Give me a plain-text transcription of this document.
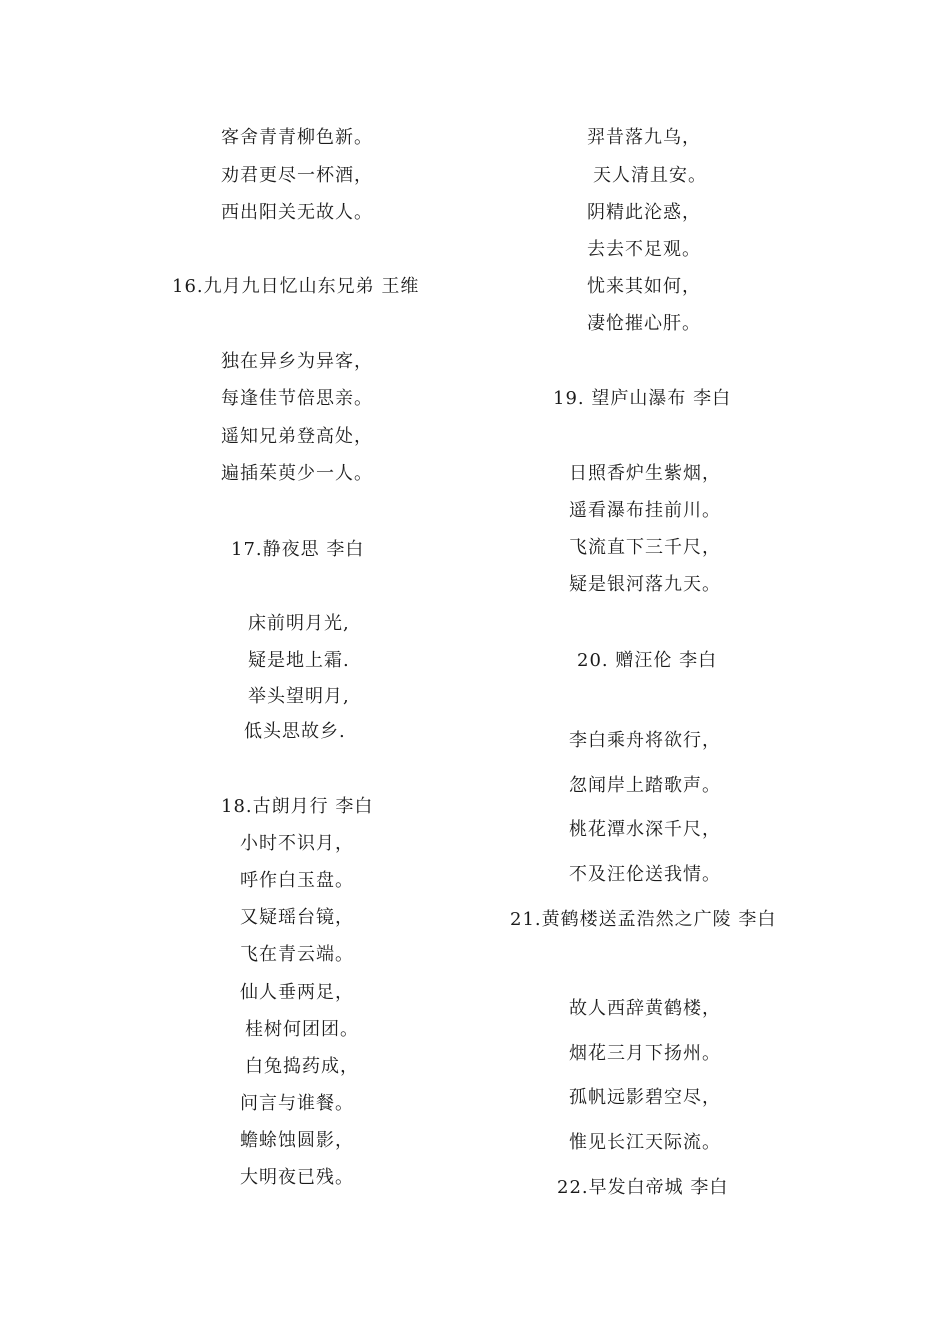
客舍青青柳色新。
劝君更尽一杯酒，
西出阳关无故人。
16.九月九日忆山东兄弟 王维
独在异乡为异客，
每逢佳节倍思亲。
遥知兄弟登高处，
遍插茱萸少一人。
17.静夜思 李白
床前明月光,
疑是地上霜.
举头望明月,
低头思故乡.
18.古朗月行 李白
小时不识月，
呼作白玉盘。
又疑瑶台镜，
飞在青云端。
仙人垂两足，
桂树何团团。
白兔捣药成，
问言与谁餐。
蟾蜍蚀圆影，
大明夜已残。
羿昔落九乌，
天人清且安。
阴精此沦惑，
去去不足观。
忧来其如何，
凄怆摧心肝。
19. 望庐山瀑布 李白
日照香炉生紫烟，
遥看瀑布挂前川。
飞流直下三千尺，
疑是银河落九天。
20. 赠汪伦 李白
李白乘舟将欲行，
忽闻岸上踏歌声。
桃花潭水深千尺，
不及汪伦送我情。
21.黄鹤楼送孟浩然之广陵 李白
故人西辞黄鹤楼，
烟花三月下扬州。
孤帆远影碧空尽，
惟见长江天际流。
22.早发白帝城 李白
